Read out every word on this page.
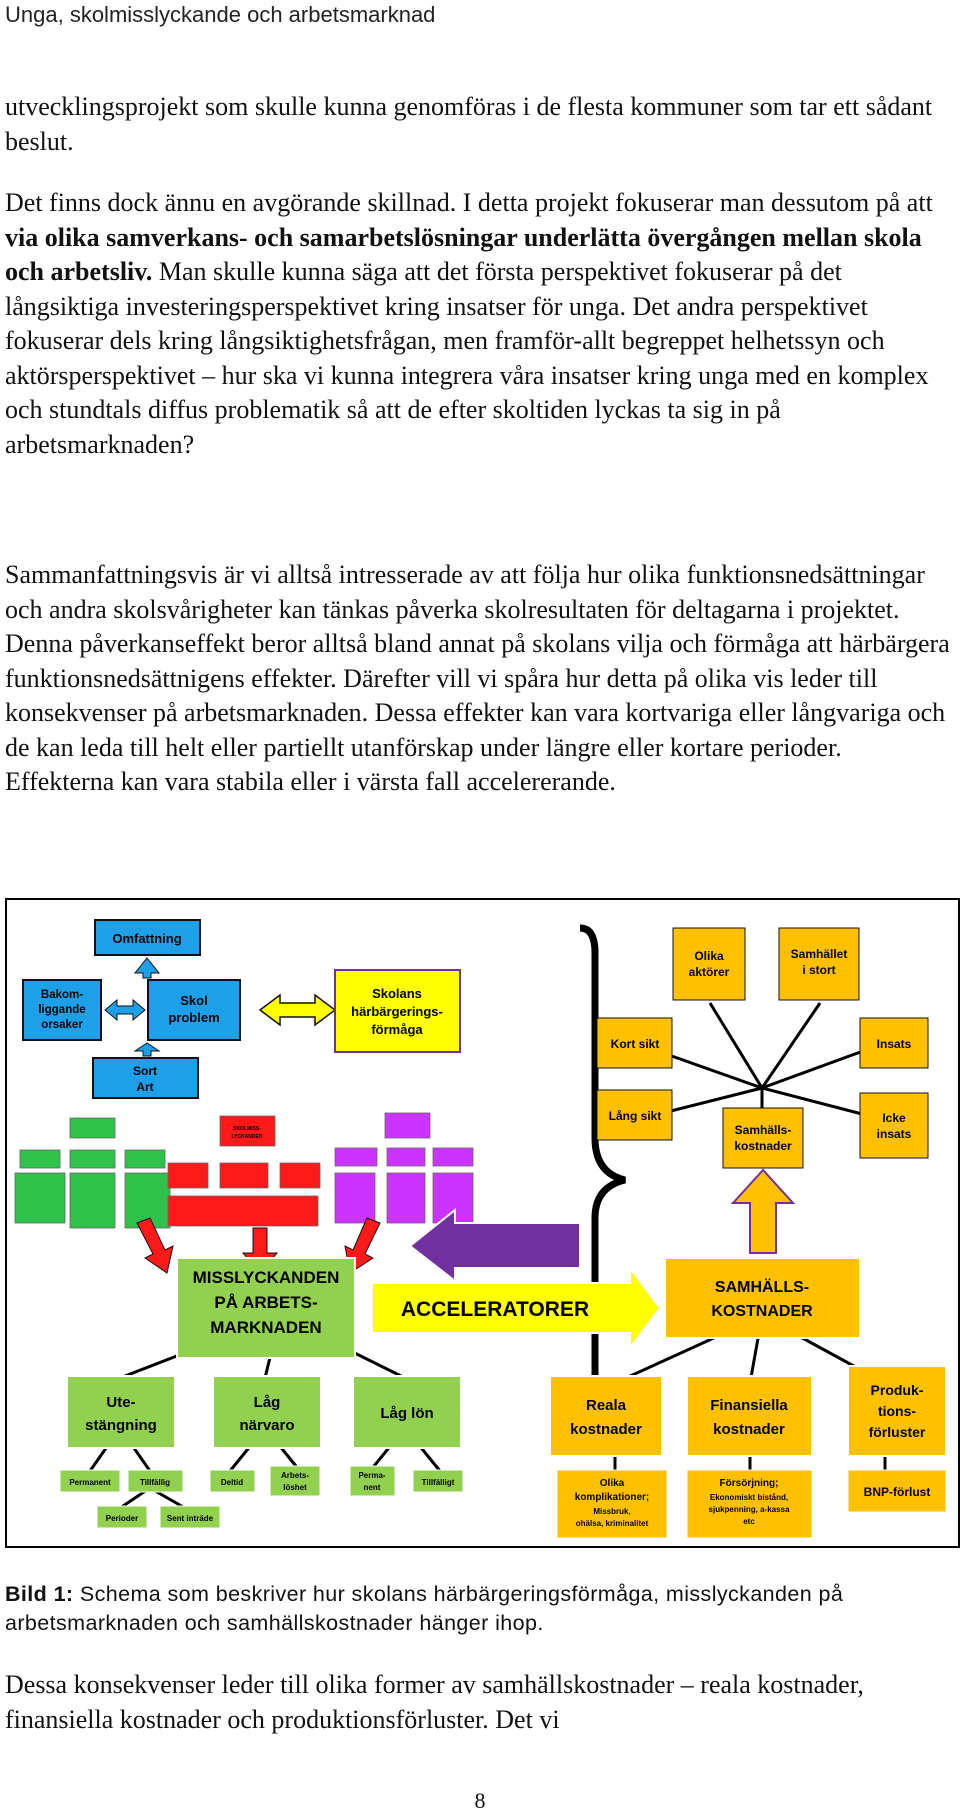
Unga, skolmisslyckande och arbetsmarknad

utvecklingsprojekt som skulle kunna genomföras i de flesta kommuner som tar ett sådant beslut.

Det finns dock ännu en avgörande skillnad. I detta projekt fokuserar man dessutom på att via olika samverkans- och samarbetslösningar underlätta övergången mellan skola och arbetsliv. Man skulle kunna säga att det första perspektivet fokuserar på det långsiktiga investeringsperspektivet kring insatser för unga. Det andra perspektivet fokuserar dels kring långsiktighetsfrågan, men framför-allt begreppet helhetssyn och aktörsperspektivet – hur ska vi kunna integrera våra insatser kring unga med en komplex och stundtals diffus problematik så att de efter skoltiden lyckas ta sig in på arbetsmarknaden?

Sammanfattningsvis är vi alltså intresserade av att följa hur olika funktionsnedsättningar och andra skolsvårigheter kan tänkas påverka skolresultaten för deltagarna i projektet. Denna påverkanseffekt beror alltså bland annat på skolans vilja och förmåga att härbärgera funktionsnedsättnigens effekter. Därefter vill vi spåra hur detta på olika vis leder till konsekvenser på arbetsmarknaden. Dessa effekter kan vara kortvariga eller långvariga och de kan leda till helt eller partiellt utanförskap under längre eller kortare perioder. Effekterna kan vara stabila eller i värsta fall accelererande.

Omfattning
Bakom-
liggande
orsaker
Skol
problem
Sort
Art
Skolans
härbärgerings-
förmåga
Olika
aktörer
Samhället
i stort
Kort sikt	Insats
Lång sikt
Samhälls-
kostnader
Icke
insats
SKOLMISS-
LYCKANDEN
MISSLYCKANDEN
PÅ ARBETS-
MARKNADEN
ACCELERATORER
SAMHÄLLS-
KOSTNADER
Ute-
stängning
Låg
närvaro
Låg lön	Reala
kostnader
Finansiella
kostnader
Produk-
tions-
förluster
Permanent	Tillfällig	Deltid
Arbets-
löshet
Perma-
nent
Tillfälligt
Perioder	Sent inträde
Olika
komplikationer;
Missbruk,
ohälsa, kriminalitet
Försörjning;
Ekonomiskt bistånd,
sjukpenning, a-kassa
etc
BNP-förlust
Bild 1: Schema som beskriver hur skolans härbärgeringsförmåga, misslyckanden på arbetsmarknaden och samhällskostnader hänger ihop.

Dessa konsekvenser leder till olika former av samhällskostnader – reala kostnader, finansiella kostnader och produktionsförluster. Det vi

8
